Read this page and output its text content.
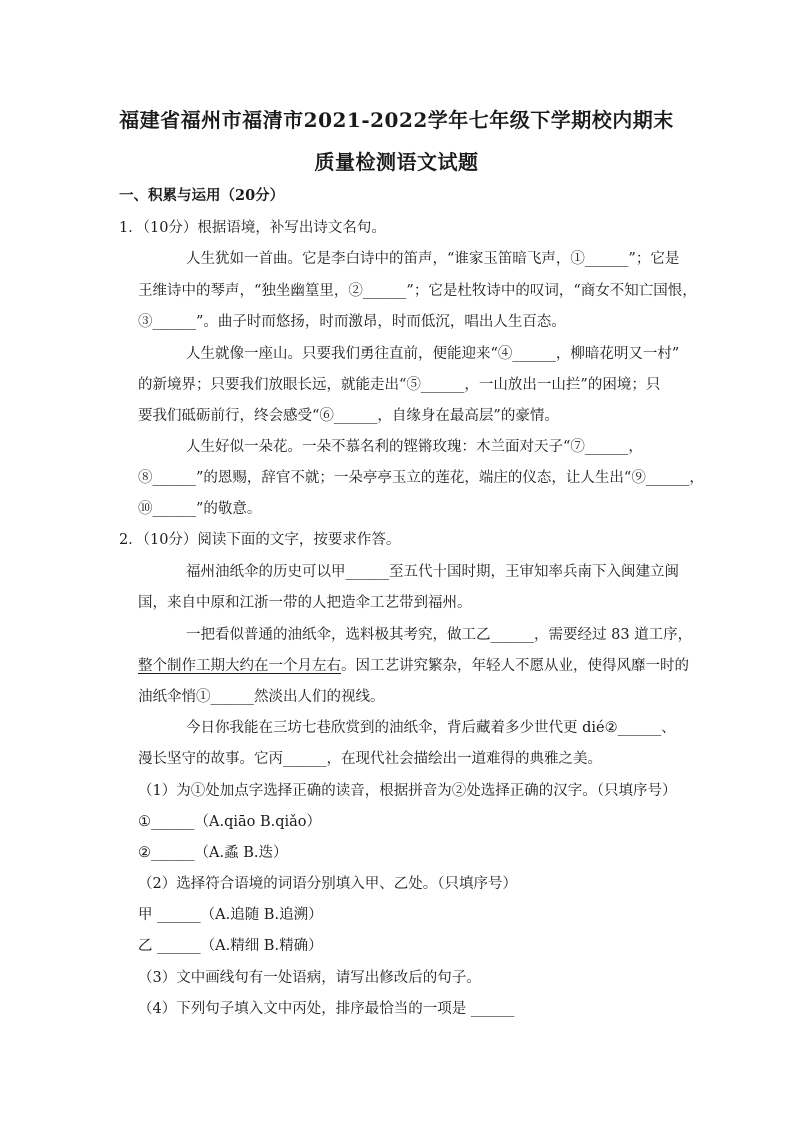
福建省福州市福清市2021-2022学年七年级下学期校内期末
质量检测语文试题
一、积累与运用（20分）
1．（10分）根据语境，补写出诗文名句。
人生犹如一首曲。它是李白诗中的笛声，“谁家玉笛暗飞声，①______”；它是
王维诗中的琴声，“独坐幽篁里，②______”；它是杜牧诗中的叹词，“商女不知亡国恨，
③______”。曲子时而悠扬，时而激昂，时而低沉，唱出人生百态。
人生就像一座山。只要我们勇往直前，便能迎来“④______，柳暗花明又一村”
的新境界；只要我们放眼长远，就能走出“⑤______，一山放出一山拦”的困境；只
要我们砥砺前行，终会感受“⑥______，自缘身在最高层”的豪情。
人生好似一朵花。一朵不慕名利的铿锵玫瑰：木兰面对天子“⑦______，
⑧______”的恩赐，辞官不就；一朵亭亭玉立的莲花，端庄的仪态，让人生出“⑨______，
⑩______”的敬意。
2．（10分）阅读下面的文字，按要求作答。
福州油纸伞的历史可以甲______至五代十国时期，王审知率兵南下入闽建立闽
国，来自中原和江浙一带的人把造伞工艺带到福州。
一把看似普通的油纸伞，选料极其考究，做工乙______，需要经过 83 道工序，
整个制作工期大约在一个月左右。因工艺讲究繁杂，年轻人不愿从业，使得风靡一时的
油纸伞悄①______然淡出人们的视线。
今日你我能在三坊七巷欣赏到的油纸伞，背后藏着多少世代更 dié②______、
漫长坚守的故事。它丙______，在现代社会描绘出一道难得的典雅之美。
（1）为①处加点字选择正确的读音，根据拼音为②处选择正确的汉字。（只填序号）
①______（A.qiāo B.qiǎo）
②______（A.蟊 B.迭）
（2）选择符合语境的词语分别填入甲、乙处。（只填序号）
甲 ______（A.追随 B.追溯）
乙 ______（A.精细 B.精确）
（3）文中画线句有一处语病，请写出修改后的句子。
（4）下列句子填入文中丙处，排序最恰当的一项是 ______
